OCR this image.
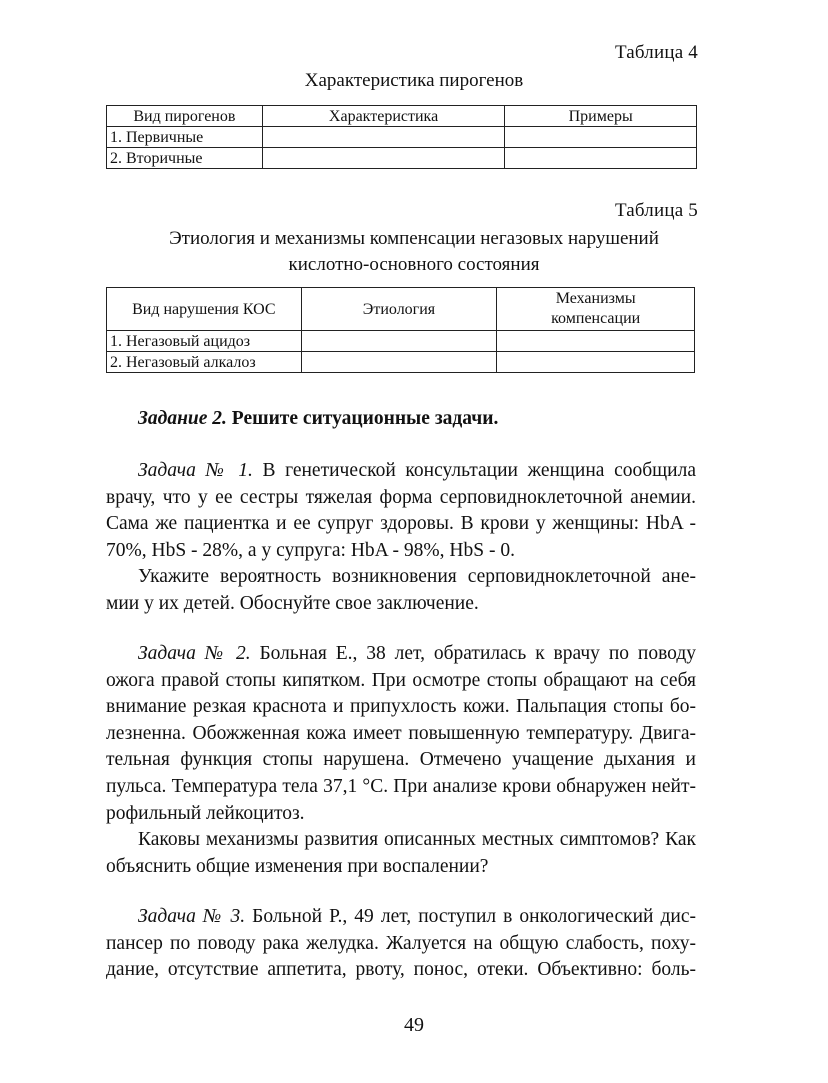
Таблица 4
Характеристика пирогенов
Вид пирогенов	Характеристика	Примеры
1. Первичные		
2. Вторичные		
Таблица 5
Этиология и механизмы компенсации негазовых нарушений
кислотно-основного состояния
Вид нарушения КОС	Этиология	Механизмы
компенсации

1. Негазовый ацидоз		
2. Негазовый алкалоз		
Задание 2. Решите ситуационные задачи.
Задача № 1. В генетической консультации женщина сообщила
врачу, что у ее сестры тяжелая форма серповидноклеточной анемии.
Сама же пациентка и ее супруг здоровы. В крови у женщины: HbA -
70%, HbS - 28%, а у супруга: HbA - 98%, HbS - 0.
Укажите вероятность возникновения серповидноклеточной ане-
мии у их детей. Обоснуйте свое заключение.
Задача № 2. Больная Е., 38 лет, обратилась к врачу по поводу
ожога правой стопы кипятком. При осмотре стопы обращают на себя
внимание резкая краснота и припухлость кожи. Пальпация стопы бо-
лезненна. Обожженная кожа имеет повышенную температуру. Двига-
тельная функция стопы нарушена. Отмечено учащение дыхания и
пульса. Температура тела 37,1 °С. При анализе крови обнаружен нейт-
рофильный лейкоцитоз.
Каковы механизмы развития описанных местных симптомов? Как
объяснить общие изменения при воспалении?
Задача № 3. Больной Р., 49 лет, поступил в онкологический дис-
пансер по поводу рака желудка. Жалуется на общую слабость, поху-
дание, отсутствие аппетита, рвоту, понос, отеки. Объективно: боль-
49
